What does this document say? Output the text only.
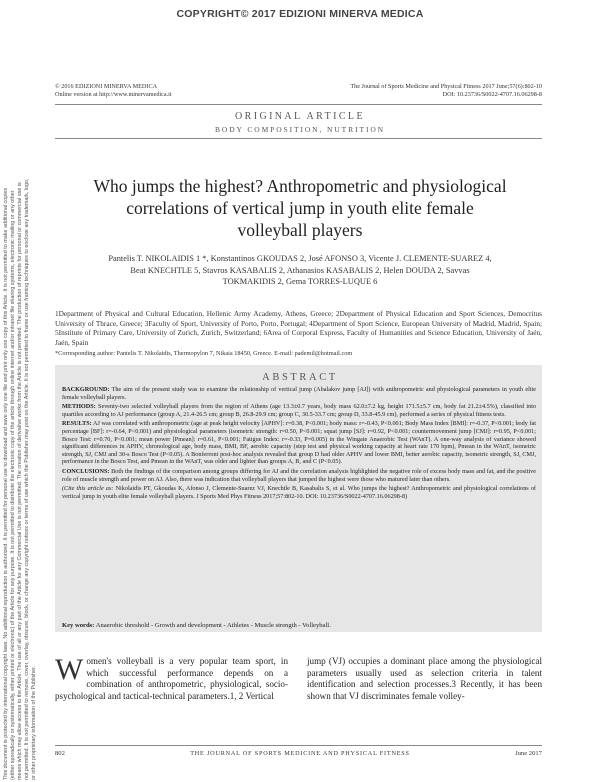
COPYRIGHT© 2017 EDIZIONI MINERVA MEDICA
This document is protected by international copyright laws. No additional reproduction is authorized. It is permitted for personal use to download and save only one file and print only one copy of this Article. It is not permitted to make additional copies (either sporadically or systematically, either printed or electronic) of the Article for any purpose. It is not permitted to distribute the electronic copy of the article through online internet and/or intranet file sharing systems, electronic mailing or any other means which may allow access to the Article. The use of all or any part of the Article for any Commercial Use is not permitted. The creation of derivative works from the Article is not permitted. The production of reprints for personal or commercial use is not permitted. It is not permitted to remove, cover, overlay, obscure, block, or change any copyright notices or terms of use which the Publisher may post on the Article. It is not permitted to frame or use framing techniques to enclose any trademark, logo, or other proprietary information of the Publisher.
© 2016 EDIZIONI MINERVA MEDICA
Online version at http://www.minervamedica.it
The Journal of Sports Medicine and Physical Fitness 2017 June;57(6):802-10
DOI: 10.23736/S0022-4707.16.06298-8
ORIGINAL ARTICLE
BODY COMPOSITION, NUTRITION
Who jumps the highest? Anthropometric and physiological correlations of vertical jump in youth elite female volleyball players
Pantelis T. NIKOLAIDIS 1 *, Konstantinos GKOUDAS 2, José AFONSO 3, Vicente J. CLEMENTE-SUAREZ 4, Beat KNECHTLE 5, Stavros KASABALIS 2, Athanasios KASABALIS 2, Helen DOUDA 2, Savvas TOKMAKIDIS 2, Gema TORRES-LUQUE 6
1Department of Physical and Cultural Education, Hellenic Army Academy, Athens, Greece; 2Department of Physical Education and Sport Sciences, Democritus University of Thrace, Greece; 3Faculty of Sport, University of Porto, Porto, Portugal; 4Department of Sport Science, European University of Madrid, Madrid, Spain; 5Institute of Primary Care, University of Zurich, Zurich, Switzerland; 6Area of Corporal Express, Faculty of Humanities and Science Education, University of Jaén, Jaén, Spain
*Corresponding author: Pantelis T. Nikolaidis, Thermopylon 7, Nikaia 18450, Greece. E-mail: pademil@hotmail.com
ABSTRACT

BACKGROUND: The aim of the present study was to examine the relationship of vertical jump (Abalakov jump [AJ]) with anthropometric and physiological parameters in youth elite female volleyball players.

METHODS: Seventy-two selected volleyball players from the region of Athens (age 13.3±0.7 years, body mass 62.0±7.2 kg, height 171.5±5.7 cm, body fat 21.2±4.5%), classified into quartiles according to AJ performance (group A, 21.4-26.5 cm; group B, 26.8-29.9 cm; group C, 30.5-33.7 cm; group D, 33.8-45.9 cm), performed a series of physical fitness tests.

RESULTS: AJ was correlated with anthropometric (age at peak height velocity [APHV]: r=0.38, P<0.001; body mass: r=-0.43, P<0.001; Body Mass Index [BMI]: r=-0.37, P<0.001; body fat percentage [BF]: r=-0.64, P<0.001) and physiological parameters (isometric strength: r=0.50, P<0.001; squat jump [SJ]: r=0.92, P<0.001; countermovement jump [CMJ]: r=0.95, P<0.001; Bosco Test: r=0.70, P<0.001; mean power [Pmean]: r=0.61, P<0.001; Fatigue Index: r=-0.33, P=0.005) in the Wingate Anaerobic Test (WAnT). A one-way analysis of variance showed significant differences in APHV, chronological age, body mass, BMI, BF, aerobic capacity (step test and physical working capacity at heart rate 170 bpm), Pmean in the WAnT, isometric strength, SJ, CMJ and 30-s Bosco Test (P<0.05). A Bonferroni post-hoc analysis revealed that group D had older APHV and lower BMI, better aerobic capacity, isometric strength, SJ, CMJ, performance in the Bosco Test, and Pmean in the WAnT, was older and lighter than groups A, B, and C (P<0.05).

CONCLUSIONS: Both the findings of the comparison among groups differing for AJ and the correlation analysis highlighted the negative role of excess body mass and fat, and the positive role of muscle strength and power on AJ. Also, there was indication that volleyball players that jumped the highest were those who matured later than others.

(Cite this article as: Nikolaidis PT, Gkoudas K, Afonso J, Clemente-Suarez VJ, Knechtle B, Kasabalis S, et al. Who jumps the highest? Anthropometric and physiological correlations of vertical jump in youth elite female volleyball players. J Sports Med Phys Fitness 2017;57:802-10. DOI: 10.23736/S0022-4707.16.06298-8)

Key words: Anaerobic threshold - Growth and development - Athletes - Muscle strength - Volleyball.
Women's volleyball is a very popular team sport, in which successful performance depends on a combination of anthropometric, physiological, socio-psychological and tactical-technical parameters.1, 2 Vertical
jump (VJ) occupies a dominant place among the physiological parameters usually used as selection criteria in talent identification and selection processes.3 Recently, it has been shown that VJ discriminates female volley-
802	THE JOURNAL OF SPORTS MEDICINE AND PHYSICAL FITNESS	June 2017
